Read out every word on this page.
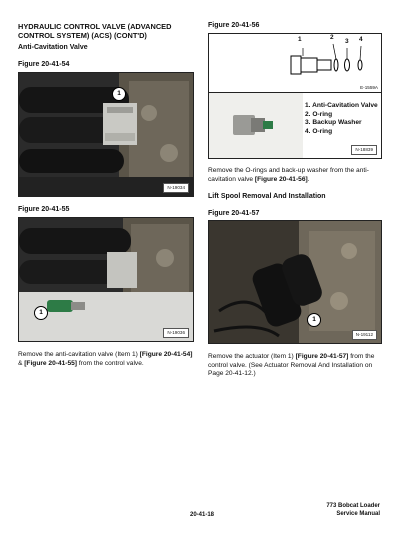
HYDRAULIC CONTROL VALVE (ADVANCED
CONTROL SYSTEM) (ACS) (CONT'D)
Anti-Cavitation Valve
Figure 20-41-54
1
N-19034
Figure 20-41-55
1
N-19036
Remove the anti-cavitation valve (Item 1) [Figure 20-41-54] & [Figure 20-41-55] from the control valve.
Figure 20-41-56
1	2
3 4
E-1559A
1. Anti-Cavitation Valve
2. O-ring
3. Backup Washer
4. O-ring
N-18839
Remove the O-rings and back-up washer from the anti-cavitation valve [Figure 20-41-56].
Lift Spool Removal And Installation
Figure 20-41-57
1
N-19112
Remove the actuator (Item 1) [Figure 20-41-57] from the control valve. (See Actuator Removal And Installation on Page 20-41-12.)
20-41-18
773 Bobcat Loader
Service Manual
